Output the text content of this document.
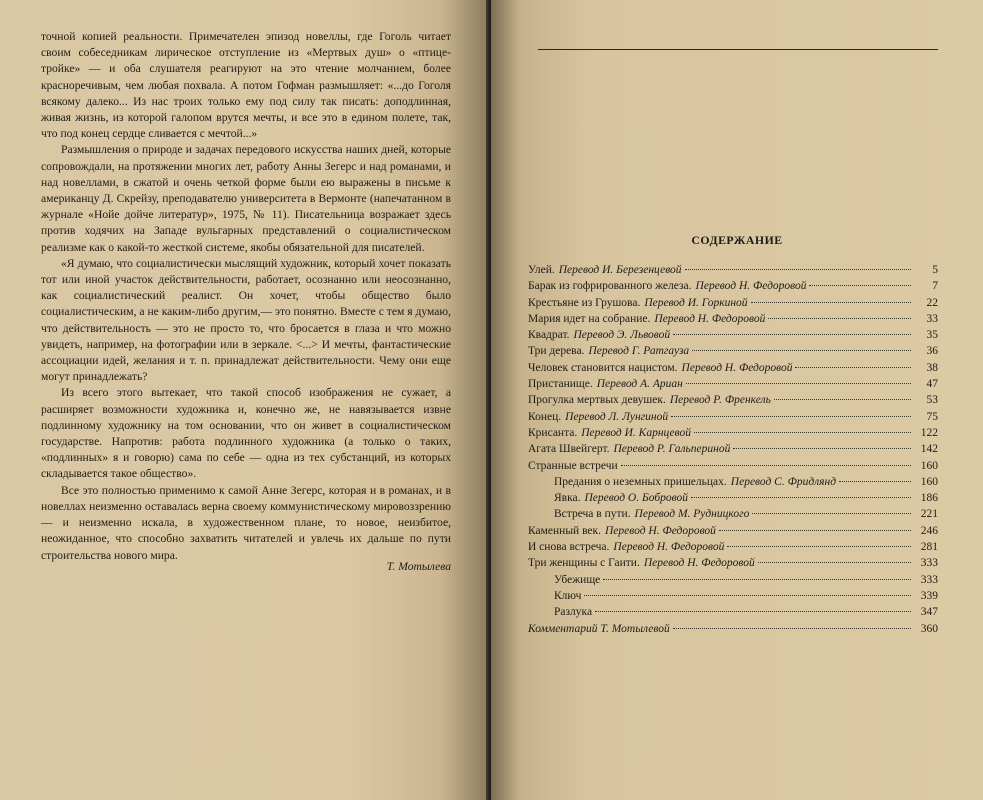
точной копией реальности. Примечателен эпизод новеллы, где Гоголь читает своим собеседникам лирическое отступление из «Мертвых душ» о «птице-тройке» — и оба слушателя реагируют на это чтение молчанием, более красноречивым, чем любая похвала. А потом Гофман размышляет: «...до Гоголя всякому далеко... Из нас троих только ему под силу так писать: доподлинная, живая жизнь, из которой галопом врутся мечты, и все это в едином полете, так, что под конец сердце сливается с мечтой...»

Размышления о природе и задачах передового искусства наших дней, которые сопровождали, на протяжении многих лет, работу Анны Зегерс и над романами, и над новеллами, в сжатой и очень четкой форме были ею выражены в письме к американцу Д. Скрейзу, преподавателю университета в Вермонте (напечатанном в журнале «Нойе дойче литератур», 1975, № 11). Писательница возражает здесь против ходячих на Западе вульгарных представлений о социалистическом реализме как о какой-то жесткой системе, якобы обязательной для писателей.

«Я думаю, что социалистически мыслящий художник, который хочет показать тот или иной участок действительности, работает, осознанно или неосознанно, как социалистический реалист. Он хочет, чтобы общество было социалистическим, а не каким-либо другим,— это понятно. Вместе с тем я думаю, что действительность — это не просто то, что бросается в глаза и что можно увидеть, например, на фотографии или в зеркале. <...> И мечты, фантастические ассоциации идей, желания и т. п. принадлежат действительности. Чему они еще могут принадлежать?

Из всего этого вытекает, что такой способ изображения не сужает, а расширяет возможности художника и, конечно же, не навязывается извне подлинному художнику на том основании, что он живет в социалистическом государстве. Напротив: работа подлинного художника (а только о таких, «подлинных» я и говорю) сама по себе — одна из тех субстанций, из которых складывается такое общество».

Все это полностью применимо к самой Анне Зегерс, которая и в романах, и в новеллах неизменно оставалась верна своему коммунистическому мировоззрению — и неизменно искала, в художественном плане, то новое, неизбитое, неожиданное, что способно захватить читателей и увлечь их дальше по пути строительства нового мира.

Т. Мотылева
СОДЕРЖАНИЕ
Улей. Перевод И. Березенцевой	5
Барак из гофрированного железа. Перевод Н. Федоровой	7
Крестьяне из Грушова. Перевод И. Горкиной	22
Мария идет на собрание. Перевод Н. Федоровой	33
Квадрат. Перевод Э. Львовой	35
Три дерева. Перевод Г. Ратгауза	36
Человек становится нацистом. Перевод Н. Федоровой	38
Пристанище. Перевод А. Ариан	47
Прогулка мертвых девушек. Перевод Р. Френкель	53
Конец. Перевод Л. Лунгиной	75
Крисанта. Перевод И. Карнцевой	122
Агата Швейгерт. Перевод Р. Гальпериной	142
Странные встречи	160
Предания о неземных пришельцах. Перевод С. Фридлянд	160
Явка. Перевод О. Бобровой	186
Встреча в пути. Перевод М. Рудницкого	221
Каменный век. Перевод Н. Федоровой	246
И снова встреча. Перевод Н. Федоровой	281
Три женщины с Гаити. Перевод Н. Федоровой	333
Убежище	333
Ключ	339
Разлука	347
Комментарий Т. Мотылевой	360
